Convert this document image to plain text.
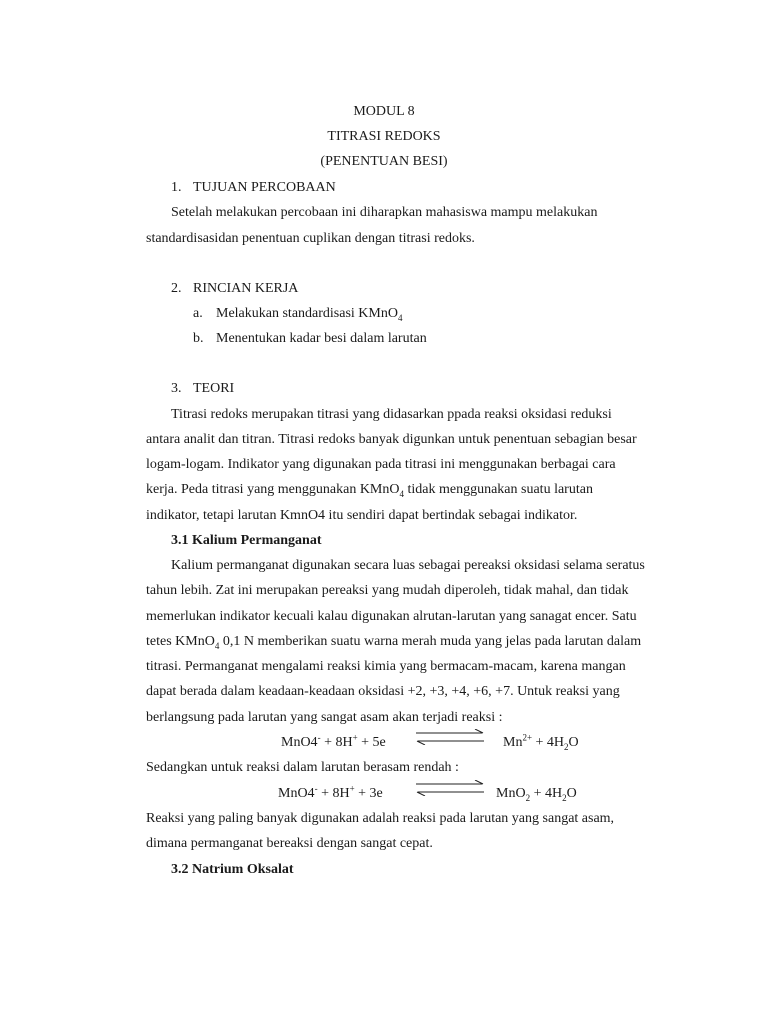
MODUL 8
TITRASI REDOKS
(PENENTUAN BESI)
1. TUJUAN PERCOBAAN
Setelah melakukan percobaan ini diharapkan mahasiswa mampu melakukan
standardisasidan penentuan cuplikan dengan titrasi redoks.
2. RINCIAN KERJA
a. Melakukan standardisasi KMnO$_4$
b. Menentukan kadar besi dalam larutan
3. TEORI
Titrasi redoks merupakan titrasi yang didasarkan ppada reaksi oksidasi reduksi
antara analit dan titran. Titrasi redoks banyak digunkan untuk penentuan sebagian besar
logam-logam. Indikator yang digunakan pada titrasi ini menggunakan berbagai cara
kerja. Peda titrasi yang menggunakan KMnO$_4$ tidak menggunakan suatu larutan
indikator, tetapi larutan KmnO4 itu sendiri dapat bertindak sebagai indikator.
3.1 Kalium Permanganat
Kalium permanganat digunakan secara luas sebagai pereaksi oksidasi selama seratus
tahun lebih. Zat ini merupakan pereaksi yang mudah diperoleh, tidak mahal, dan tidak
memerlukan indikator kecuali kalau digunakan alrutan-larutan yang sanagat encer. Satu
tetes KMnO$_4$ 0,1 N memberikan suatu warna merah muda yang jelas pada larutan dalam
titrasi. Permanganat mengalami reaksi kimia yang bermacam-macam, karena mangan
dapat berada dalam keadaan-keadaan oksidasi +2, +3, +4, +6, +7. Untuk reaksi yang
berlangsung pada larutan yang sangat asam akan terjadi reaksi :
MnO4- + 8H+ + 5e	$Mn^{2+} + 4H_2O$
Sedangkan untuk reaksi dalam larutan berasam rendah :
MnO4- + 8H+ + 3e	$MnO_2 + 4H_2O$
Reaksi yang paling banyak digunakan adalah reaksi pada larutan yang sangat asam,
dimana permanganat bereaksi dengan sangat cepat.
3.2 Natrium Oksalat
